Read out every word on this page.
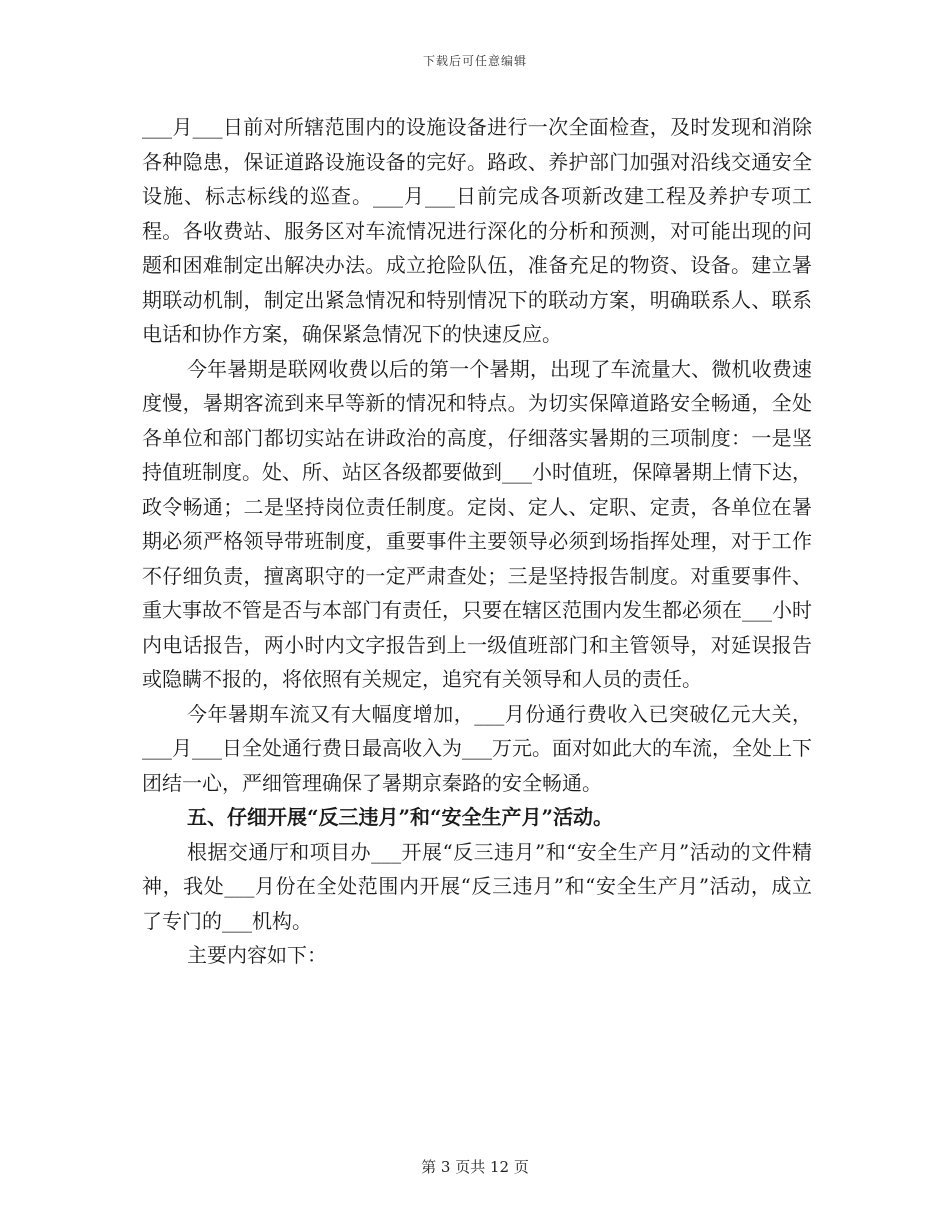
下载后可任意编辑

___月___日前对所辖范围内的设施设备进行一次全面检查，及时发现和消除各种隐患，保证道路设施设备的完好。路政、养护部门加强对沿线交通安全设施、标志标线的巡查。___月___日前完成各项新改建工程及养护专项工程。各收费站、服务区对车流情况进行深化的分析和预测，对可能出现的问题和困难制定出解决办法。成立抢险队伍，准备充足的物资、设备。建立暑期联动机制，制定出紧急情况和特别情况下的联动方案，明确联系人、联系电话和协作方案，确保紧急情况下的快速反应。

今年暑期是联网收费以后的第一个暑期，出现了车流量大、微机收费速度慢，暑期客流到来早等新的情况和特点。为切实保障道路安全畅通，全处各单位和部门都切实站在讲政治的高度，仔细落实暑期的三项制度：一是坚持值班制度。处、所、站区各级都要做到___小时值班，保障暑期上情下达，政令畅通；二是坚持岗位责任制度。定岗、定人、定职、定责，各单位在暑期必须严格领导带班制度，重要事件主要领导必须到场指挥处理，对于工作不仔细负责，擅离职守的一定严肃查处；三是坚持报告制度。对重要事件、重大事故不管是否与本部门有责任，只要在辖区范围内发生都必须在___小时内电话报告，两小时内文字报告到上一级值班部门和主管领导，对延误报告或隐瞒不报的，将依照有关规定，追究有关领导和人员的责任。

今年暑期车流又有大幅度增加，___月份通行费收入已突破亿元大关，___月___日全处通行费日最高收入为___万元。面对如此大的车流，全处上下团结一心，严细管理确保了暑期京秦路的安全畅通。

五、仔细开展“反三违月”和“安全生产月”活动。

根据交通厅和项目办___开展“反三违月”和“安全生产月”活动的文件精神，我处___月份在全处范围内开展“反三违月”和“安全生产月”活动，成立了专门的___机构。

主要内容如下：

第 3 页共 12 页
